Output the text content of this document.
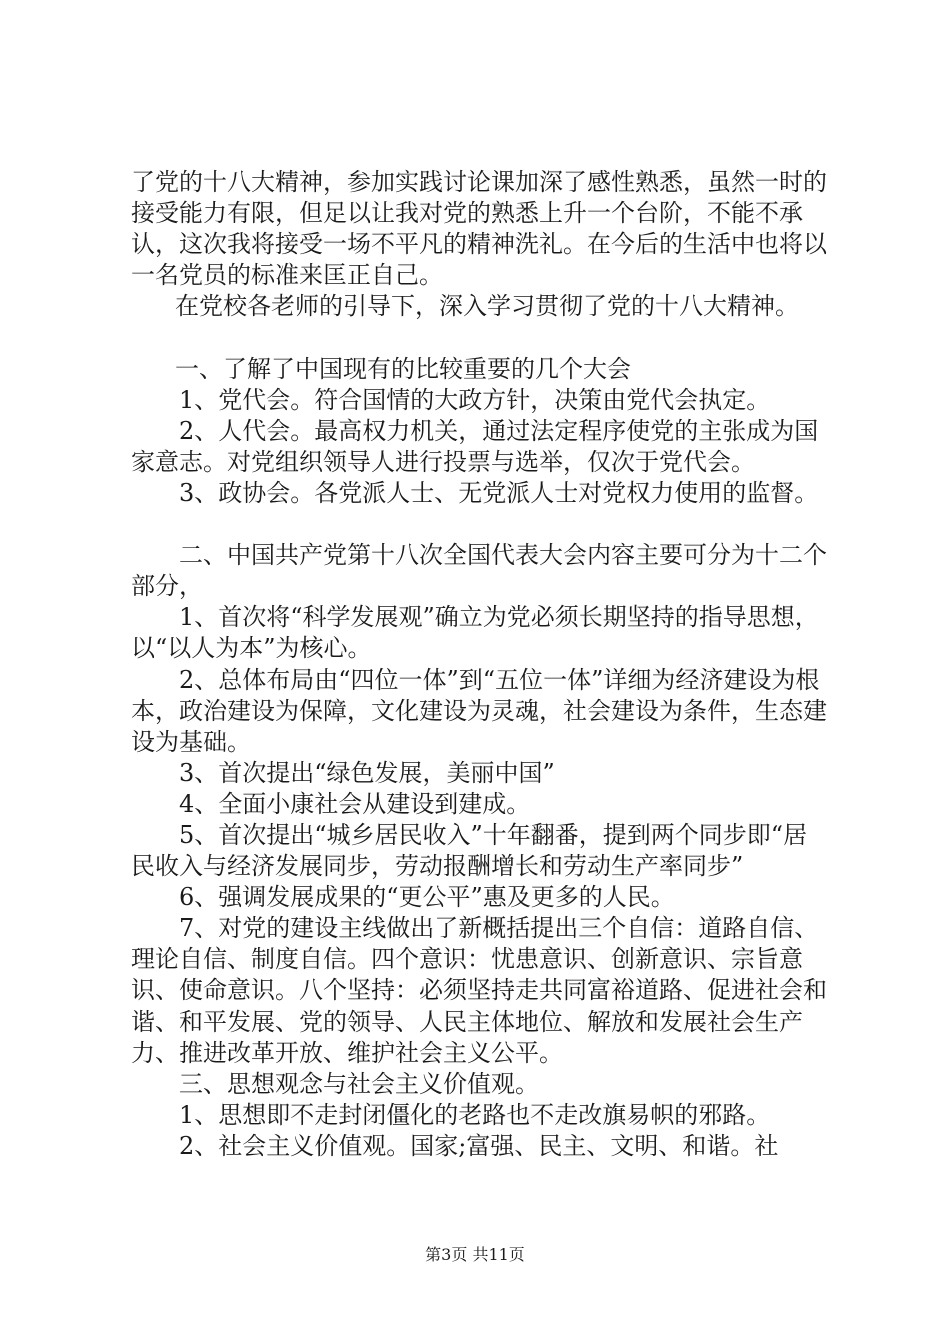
了党的十八大精神，参加实践讨论课加深了感性熟悉，虽然一时的接受能力有限，但足以让我对党的熟悉上升一个台阶，不能不承认，这次我将接受一场不平凡的精神洗礼。在今后的生活中也将以一名党员的标准来匡正自己。

在党校各老师的引导下，深入学习贯彻了党的十八大精神。

一、了解了中国现有的比较重要的几个大会

1、党代会。符合国情的大政方针，决策由党代会执定。

2、人代会。最高权力机关，通过法定程序使党的主张成为国家意志。对党组织领导人进行投票与选举，仅次于党代会。

3、政协会。各党派人士、无党派人士对党权力使用的监督。

二、中国共产党第十八次全国代表大会内容主要可分为十二个部分，

1、首次将“科学发展观”确立为党必须长期坚持的指导思想，以“以人为本”为核心。

2、总体布局由“四位一体”到“五位一体”详细为经济建设为根本，政治建设为保障，文化建设为灵魂，社会建设为条件，生态建设为基础。

3、首次提出“绿色发展，美丽中国”

4、全面小康社会从建设到建成。

5、首次提出“城乡居民收入”十年翻番，提到两个同步即“居民收入与经济发展同步，劳动报酬增长和劳动生产率同步”

6、强调发展成果的“更公平”惠及更多的人民。

7、对党的建设主线做出了新概括提出三个自信：道路自信、理论自信、制度自信。四个意识：忧患意识、创新意识、宗旨意识、使命意识。八个坚持：必须坚持走共同富裕道路、促进社会和谐、和平发展、党的领导、人民主体地位、解放和发展社会生产力、推进改革开放、维护社会主义公平。

三、思想观念与社会主义价值观。

1、思想即不走封闭僵化的老路也不走改旗易帜的邪路。

2、社会主义价值观。国家;富强、民主、文明、和谐。社

第3页 共11页
